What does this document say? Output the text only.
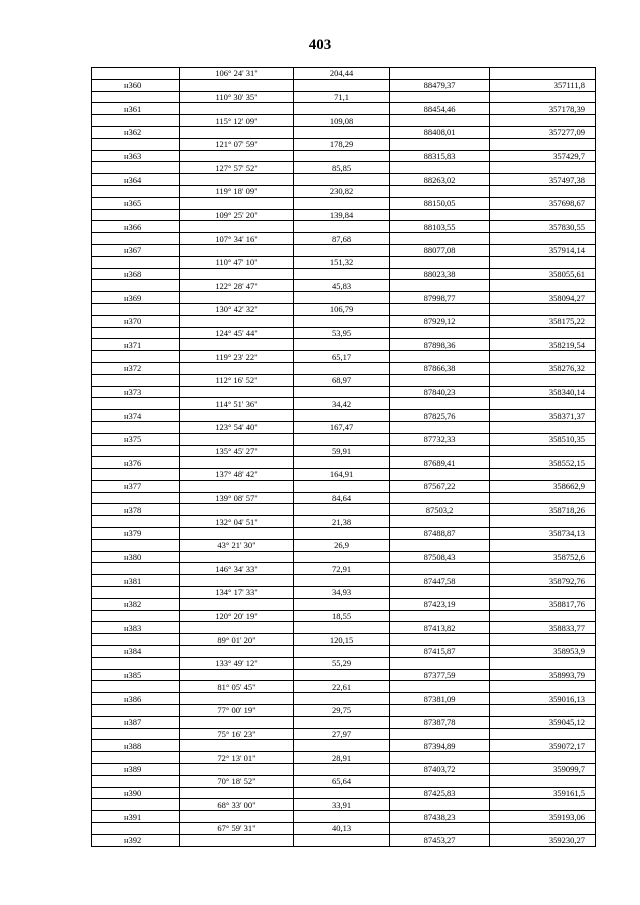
403
	106° 24' 31"	204,44		
н360			88479,37	357111,8
	110° 30' 35"	71,1		
н361			88454,46	357178,39
	115° 12' 09"	109,08		
н362			88408,01	357277,09
	121° 07' 59"	178,29		
н363			88315,83	357429,7
	127° 57' 52"	85,85		
н364			88263,02	357497,38
	119° 18' 09"	230,82		
н365			88150,05	357698,67
	109° 25' 20"	139,84		
н366			88103,55	357830,55
	107° 34' 16"	87,68		
н367			88077,08	357914,14
	110° 47' 10"	151,32		
н368			88023,38	358055,61
	122° 28' 47"	45,83		
н369			87998,77	358094,27
	130° 42' 32"	106,79		
н370			87929,12	358175,22
	124° 45' 44"	53,95		
н371			87898,36	358219,54
	119° 23' 22"	65,17		
н372			87866,38	358276,32
	112° 16' 52"	68,97		
н373			87840,23	358340,14
	114° 51' 36"	34,42		
н374			87825,76	358371,37
	123° 54' 40"	167,47		
н375			87732,33	358510,35
	135° 45' 27"	59,91		
н376			87689,41	358552,15
	137° 48' 42"	164,91		
н377			87567,22	358662,9
	139° 08' 57"	84,64		
н378			87503,2	358718,26
	132° 04' 51"	21,38		
н379			87488,87	358734,13
	43° 21' 30"	26,9		
н380			87508,43	358752,6
	146° 34' 33"	72,91		
н381			87447,58	358792,76
	134° 17' 33"	34,93		
н382			87423,19	358817,76
	120° 20' 19"	18,55		
н383			87413,82	358833,77
	89° 01' 20"	120,15		
н384			87415,87	358953,9
	133° 49' 12"	55,29		
н385			87377,59	358993,79
	81° 05' 45"	22,61		
н386			87381,09	359016,13
	77° 00' 19"	29,75		
н387			87387,78	359045,12
	75° 16' 23"	27,97		
н388			87394,89	359072,17
	72° 13' 01"	28,91		
н389			87403,72	359099,7
	70° 18' 52"	65,64		
н390			87425,83	359161,5
	68° 33' 00"	33,91		
н391			87438,23	359193,06
	67° 59' 31"	40,13		
н392			87453,27	359230,27
